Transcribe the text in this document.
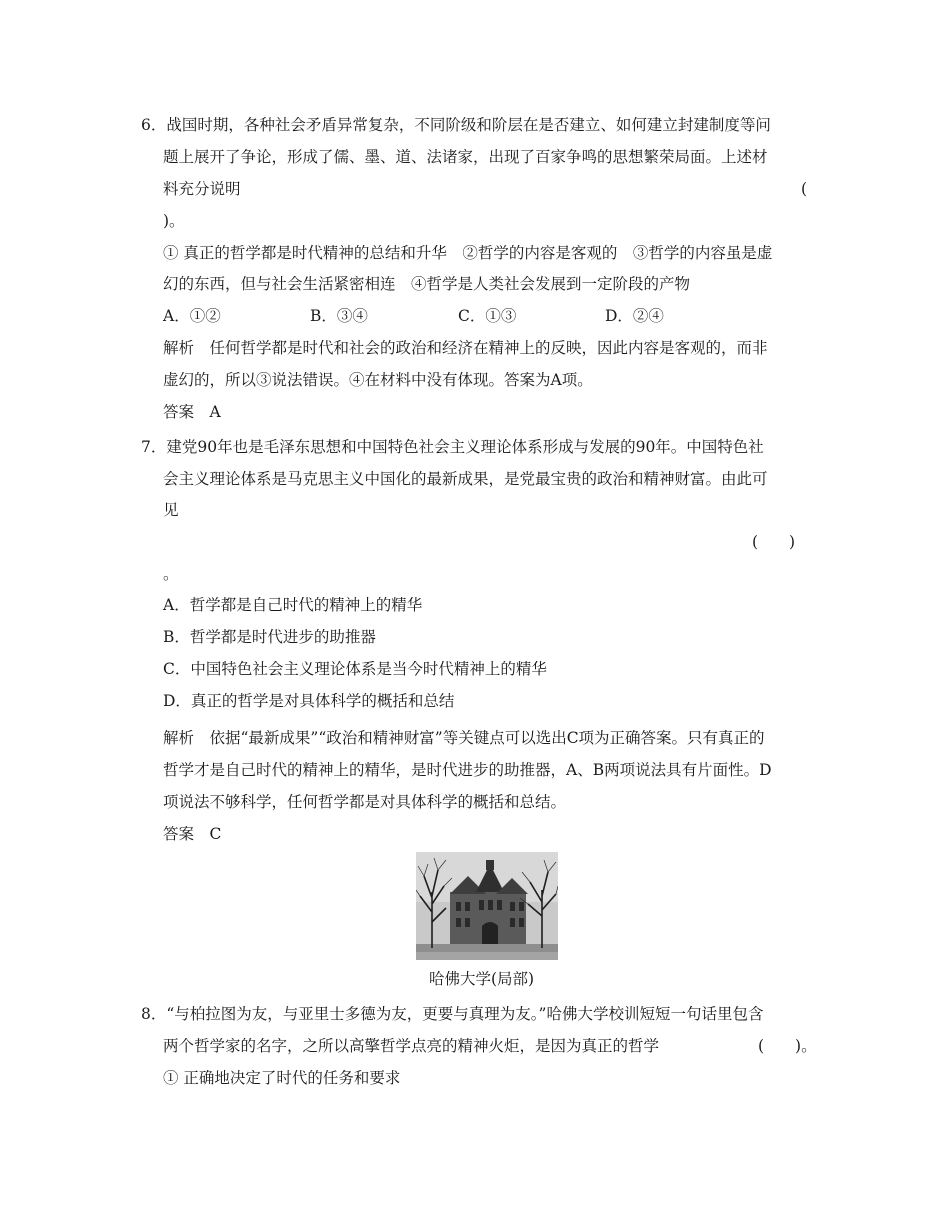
6．战国时期，各种社会矛盾异常复杂，不同阶级和阶层在是否建立、如何建立封建制度等问
题上展开了争论，形成了儒、墨、道、法诸家，出现了百家争鸣的思想繁荣局面。上述材
料充分说明	(
)。
① 真正的哲学都是时代精神的总结和升华　②哲学的内容是客观的　③哲学的内容虽是虚
幻的东西，但与社会生活紧密相连　④哲学是人类社会发展到一定阶段的产物
A．①②	B．③④	C．①③	D．②④
解析　任何哲学都是时代和社会的政治和经济在精神上的反映，因此内容是客观的，而非
虚幻的，所以③说法错误。④在材料中没有体现。答案为A项。
答案　A
7．建党90年也是毛泽东思想和中国特色社会主义理论体系形成与发展的90年。中国特色社
会主义理论体系是马克思主义中国化的最新成果，是党最宝贵的政治和精神财富。由此可
见
(　　)
。
A．哲学都是自己时代的精神上的精华
B．哲学都是时代进步的助推器
C．中国特色社会主义理论体系是当今时代精神上的精华
D．真正的哲学是对具体科学的概括和总结
解析　依据“最新成果”“政治和精神财富”等关键点可以选出C项为正确答案。只有真正的
哲学才是自己时代的精神上的精华，是时代进步的助推器，A、B两项说法具有片面性。D
项说法不够科学，任何哲学都是对具体科学的概括和总结。
答案　C
哈佛大学(局部)
8．“与柏拉图为友，与亚里士多德为友，更要与真理为友。”哈佛大学校训短短一句话里包含
两个哲学家的名字，之所以高擎哲学点亮的精神火炬，是因为真正的哲学	(　　)。
① 正确地决定了时代的任务和要求
